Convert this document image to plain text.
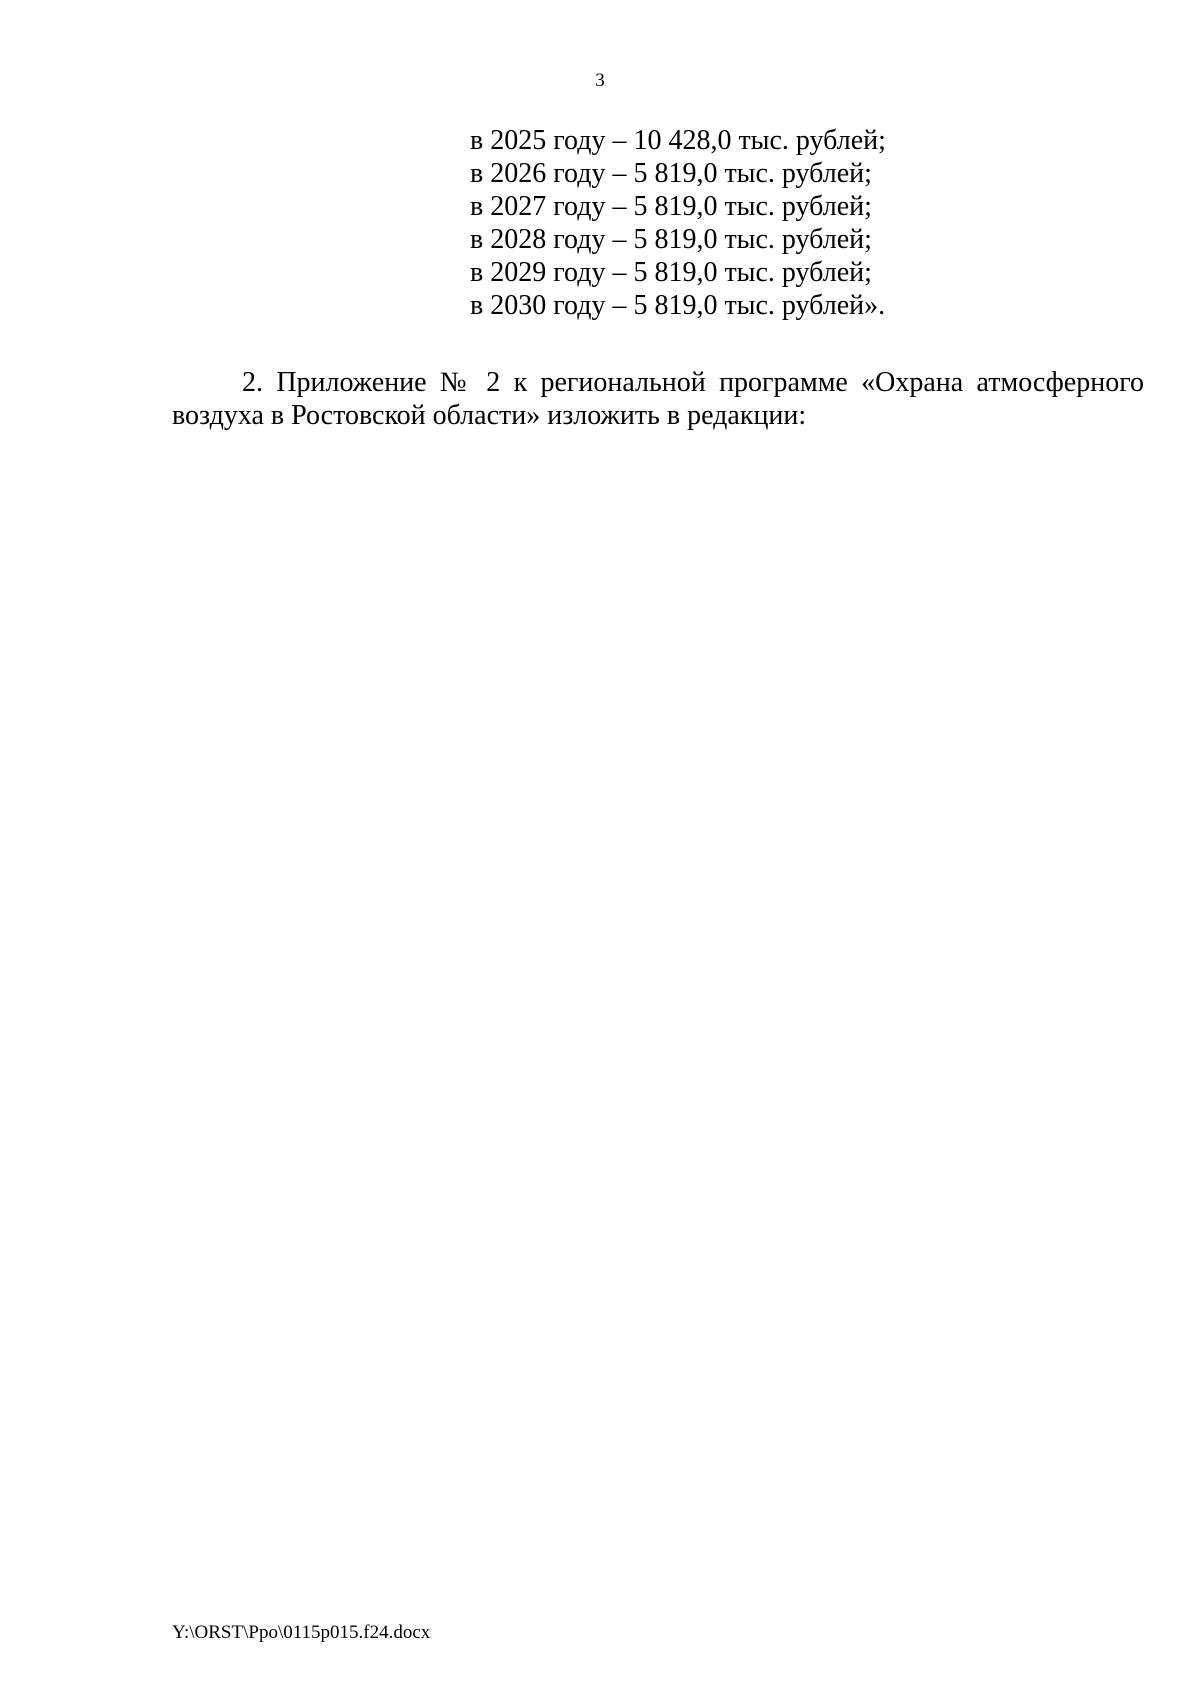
3
в 2025 году – 10 428,0 тыс. рублей;
в 2026 году – 5 819,0 тыс. рублей;
в 2027 году – 5 819,0 тыс. рублей;
в 2028 году – 5 819,0 тыс. рублей;
в 2029 году – 5 819,0 тыс. рублей;
в 2030 году – 5 819,0 тыс. рублей».

2. Приложение № 2 к региональной программе «Охрана атмосферного воздуха в Ростовской области» изложить в редакции:

Y:\ORST\Ppo\0115p015.f24.docx
